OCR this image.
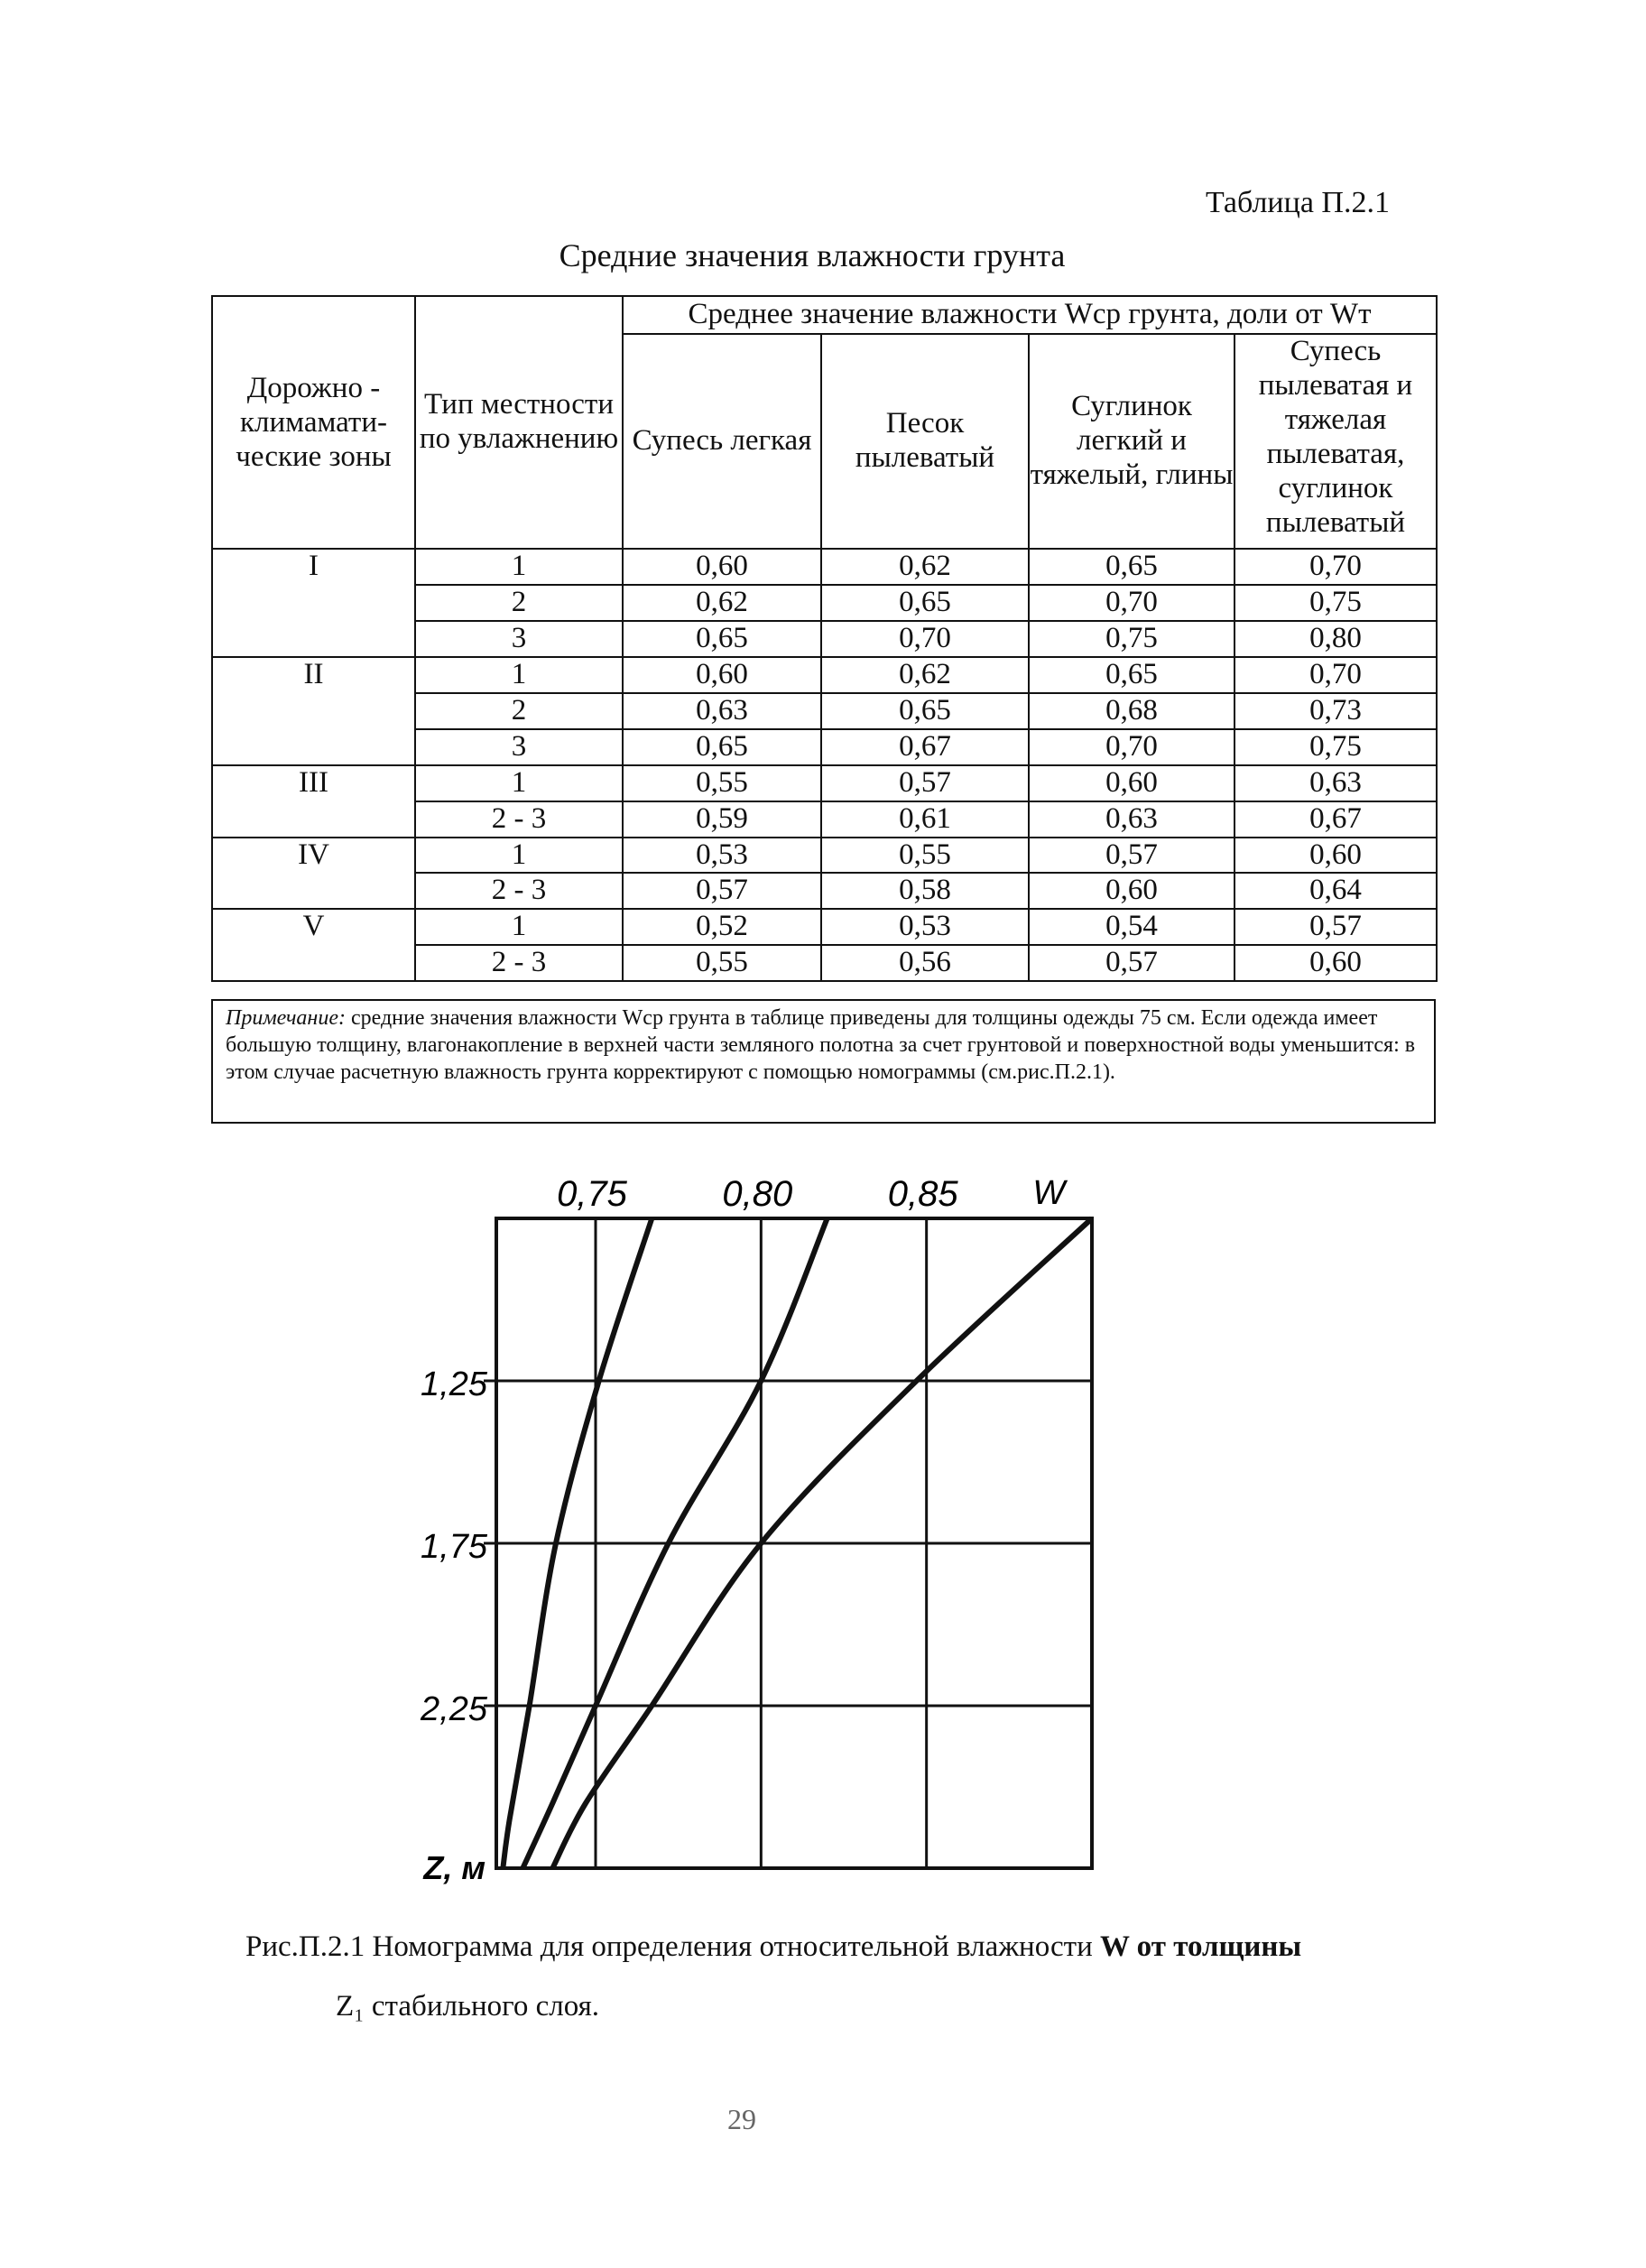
Таблица П.2.1
Средние значения влажности грунта
Дорожно - климамати-ческие зоны	Тип местности по увлажнению	Среднее значение влажности Wср грунта, доли от Wт			
		Супесь легкая	Песок пылеватый	Суглинок легкий и тяжелый, глины	Супесь пылеватая и тяжелая пылеватая, суглинок пылеватый
I	1	0,60	0,62	0,65	0,70
	2	0,62	0,65	0,70	0,75
	3	0,65	0,70	0,75	0,80
II	1	0,60	0,62	0,65	0,70
	2	0,63	0,65	0,68	0,73
	3	0,65	0,67	0,70	0,75
III	1	0,55	0,57	0,60	0,63
	2 - 3	0,59	0,61	0,63	0,67
IV	1	0,53	0,55	0,57	0,60
	2 - 3	0,57	0,58	0,60	0,64
V	1	0,52	0,53	0,54	0,57
	2 - 3	0,55	0,56	0,57	0,60
Примечание: средние значения влажности Wср грунта в таблице приведены для толщины одежды 75 см. Если одежда имеет большую толщину, влагонакопление в верхней части земляного полотна за счет грунтовой и поверхностной воды уменьшится: в этом случае расчетную влажность грунта корректируют с помощью номограммы (см.рис.П.2.1).
0,75	0,80	0,85
1,25
1,75
2,25
W
Z, м
Рис.П.2.1 Номограмма для определения относительной влажности W от толщины
Z₁ стабильного слоя.
29
